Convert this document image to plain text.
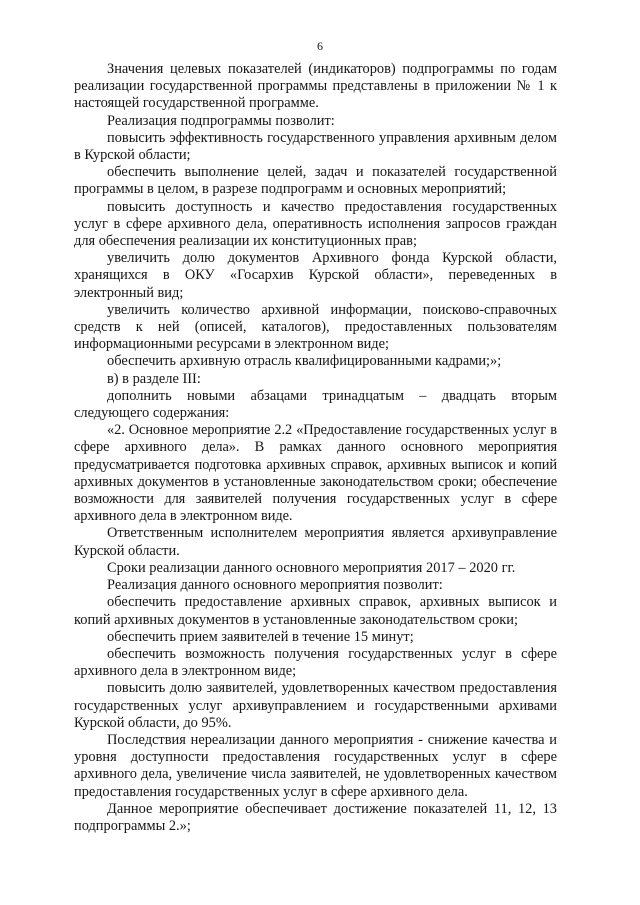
6

Значения целевых показателей (индикаторов) подпрограммы по годам реализации государственной программы представлены в приложении № 1 к настоящей государственной программе.

Реализация подпрограммы позволит:

повысить эффективность государственного управления архивным делом в Курской области;

обеспечить выполнение целей, задач и показателей государственной программы в целом, в разрезе подпрограмм и основных мероприятий;

повысить доступность и качество предоставления государственных услуг в сфере архивного дела, оперативность исполнения запросов граждан для обеспечения реализации их конституционных прав;

увеличить долю документов Архивного фонда Курской области, хранящихся в ОКУ «Госархив Курской области», переведенных в электронный вид;

увеличить количество архивной информации, поисково-справочных средств к ней (описей, каталогов), предоставленных пользователям информационными ресурсами в электронном виде;

обеспечить архивную отрасль квалифицированными кадрами;»;

в) в разделе III:

дополнить новыми абзацами тринадцатым – двадцать вторым следующего содержания:

«2. Основное мероприятие 2.2 «Предоставление государственных услуг в сфере архивного дела». В рамках данного основного мероприятия предусматривается подготовка архивных справок, архивных выписок и копий архивных документов в установленные законодательством сроки; обеспечение возможности для заявителей получения государственных услуг в сфере архивного дела в электронном виде.

Ответственным исполнителем мероприятия является архивуправление Курской области.

Сроки реализации данного основного мероприятия 2017 – 2020 гг.

Реализация данного основного мероприятия позволит:

обеспечить предоставление архивных справок, архивных выписок и копий архивных документов в установленные законодательством сроки;

обеспечить прием заявителей в течение 15 минут;

обеспечить возможность получения государственных услуг в сфере архивного дела в электронном виде;

повысить долю заявителей, удовлетворенных качеством предоставления государственных услуг архивуправлением и государственными архивами Курской области, до 95%.

Последствия нереализации данного мероприятия - снижение качества и уровня доступности предоставления государственных услуг в сфере архивного дела, увеличение числа заявителей, не удовлетворенных качеством предоставления государственных услуг в сфере архивного дела.

Данное мероприятие обеспечивает достижение показателей 11, 12, 13 подпрограммы 2.»;
